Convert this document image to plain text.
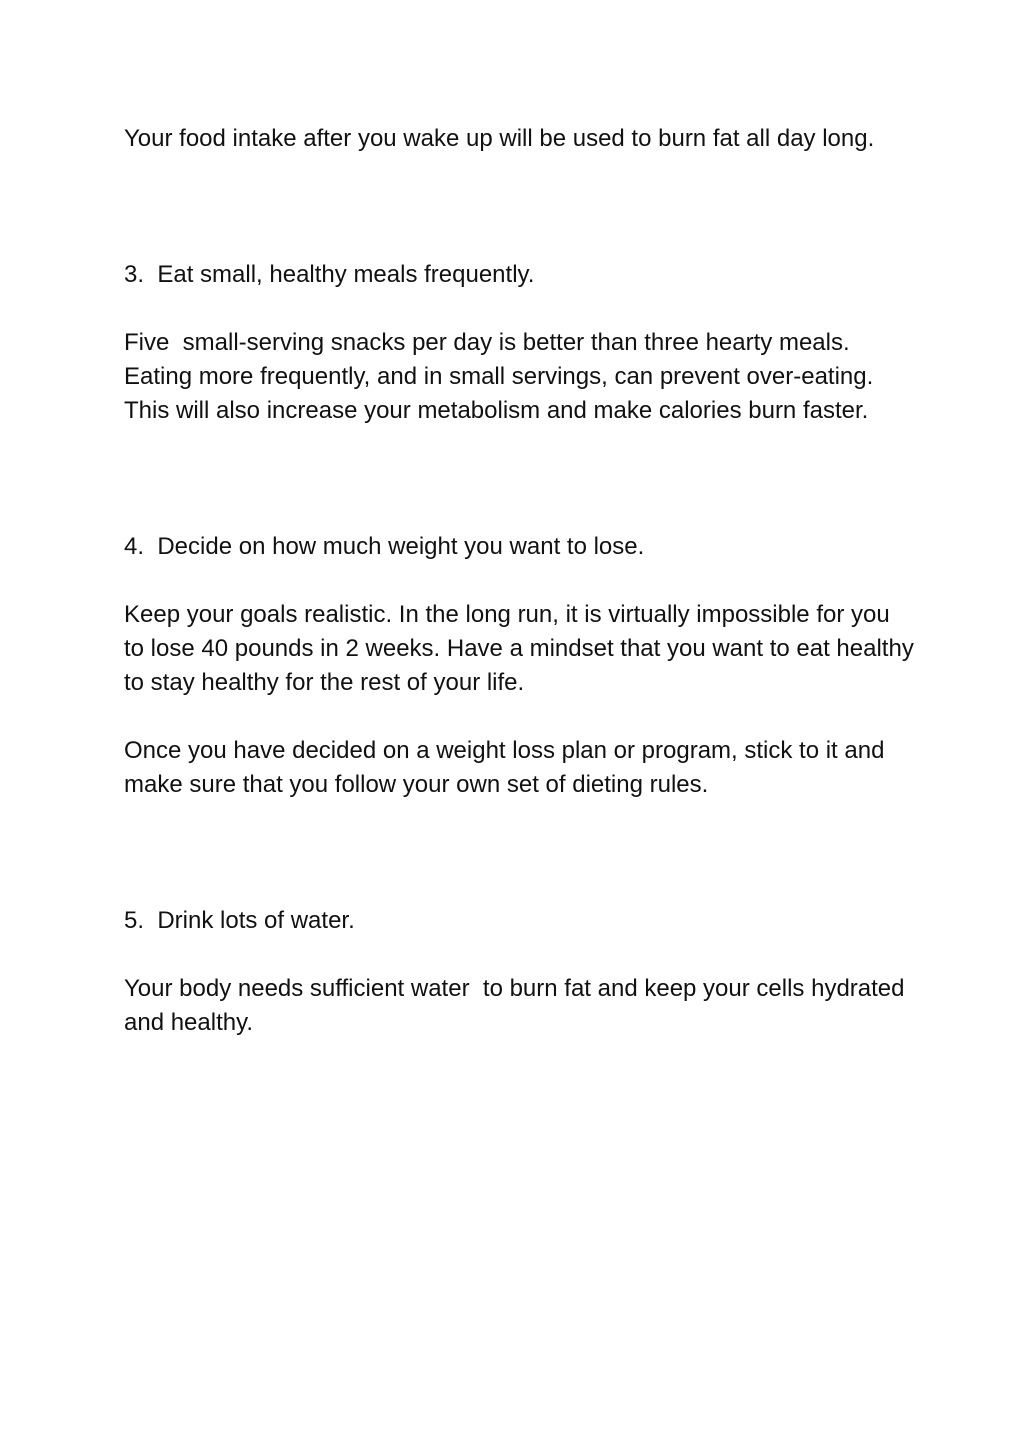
Your food intake after you wake up will be used to burn fat all day long.

3.  Eat small, healthy meals frequently.

Five  small-serving snacks per day is better than three hearty meals. Eating more frequently, and in small servings, can prevent over-eating. This will also increase your metabolism and make calories burn faster.

4.  Decide on how much weight you want to lose.

Keep your goals realistic. In the long run, it is virtually impossible for you to lose 40 pounds in 2 weeks. Have a mindset that you want to eat healthy to stay healthy for the rest of your life.

Once you have decided on a weight loss plan or program, stick to it and make sure that you follow your own set of dieting rules.

5.  Drink lots of water.

Your body needs sufficient water  to burn fat and keep your cells hydrated and healthy.
